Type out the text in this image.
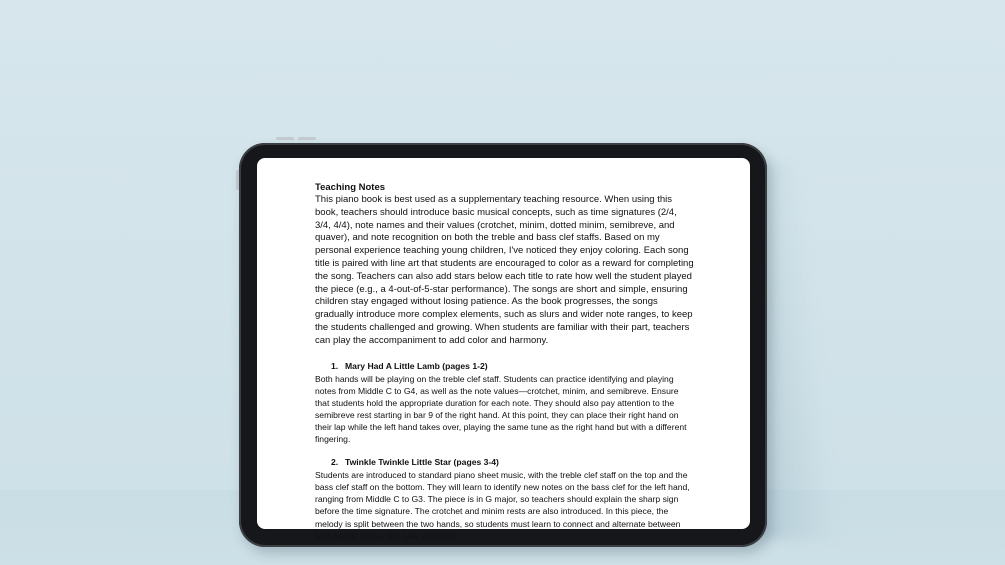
Teaching Notes

This piano book is best used as a supplementary teaching resource. When using this book, teachers should introduce basic musical concepts, such as time signatures (2/4, 3/4, 4/4), note names and their values (crotchet, minim, dotted minim, semibreve, and quaver), and note recognition on both the treble and bass clef staffs. Based on my personal experience teaching young children, I've noticed they enjoy coloring. Each song title is paired with line art that students are encouraged to color as a reward for completing the song. Teachers can also add stars below each title to rate how well the student played the piece (e.g., a 4-out-of-5-star performance). The songs are short and simple, ensuring children stay engaged without losing patience. As the book progresses, the songs gradually introduce more complex elements, such as slurs and wider note ranges, to keep the students challenged and growing. When students are familiar with their part, teachers can play the accompaniment to add color and harmony.

1. Mary Had A Little Lamb (pages 1-2)

Both hands will be playing on the treble clef staff. Students can practice identifying and playing notes from Middle C to G4, as well as the note values—crotchet, minim, and semibreve. Ensure that students hold the appropriate duration for each note. They should also pay attention to the semibreve rest starting in bar 9 of the right hand. At this point, they can place their right hand on their lap while the left hand takes over, playing the same tune as the right hand but with a different fingering.

2. Twinkle Twinkle Little Star (pages 3-4)

Students are introduced to standard piano sheet music, with the treble clef staff on the top and the bass clef staff on the bottom. They will learn to identify new notes on the bass clef for the left hand, ranging from Middle C to G3. The piece is in G major, so teachers should explain the sharp sign before the time signature. The crotchet and minim rests are also introduced. In this piece, the melody is split between the two hands, so students must learn to connect and alternate between both hands to play the tune smoothly.
